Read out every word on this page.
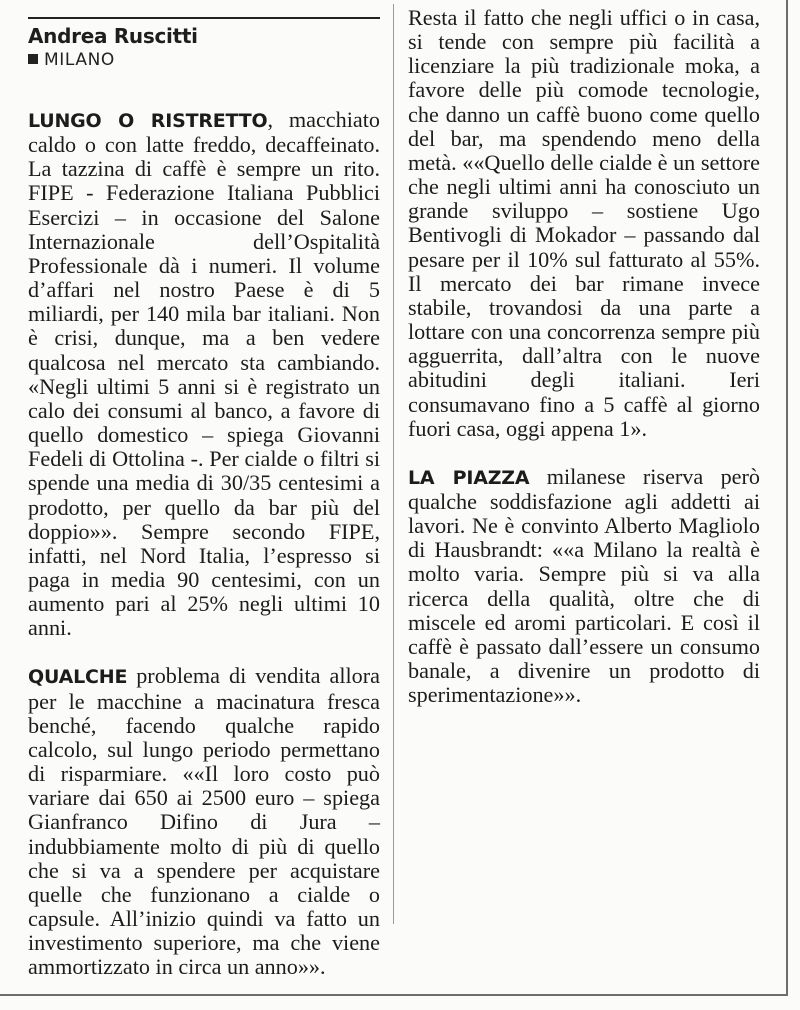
Andrea Ruscitti
MILANO

LUNGO O RISTRETTO, macchiato caldo o con latte freddo, decaffeinato. La tazzina di caffè è sempre un rito. FIPE - Federazione Italiana Pubblici Esercizi – in occasione del Salone Internazionale dell’Ospitalità Professionale dà i numeri. Il volume d’affari nel nostro Paese è di 5 miliardi, per 140 mila bar italiani. Non è crisi, dunque, ma a ben vedere qualcosa nel mercato sta cambiando. «Negli ultimi 5 anni si è registrato un calo dei consumi al banco, a favore di quello domestico – spiega Giovanni Fedeli di Ottolina -. Per cialde o filtri si spende una media di 30/35 centesimi a prodotto, per quello da bar più del doppio»». Sempre secondo FIPE, infatti, nel Nord Italia, l’espresso si paga in media 90 centesimi, con un aumento pari al 25% negli ultimi 10 anni.

QUALCHE problema di vendita allora per le macchine a macinatura fresca benché, facendo qualche rapido calcolo, sul lungo periodo permettano di risparmiare. ««Il loro costo può variare dai 650 ai 2500 euro – spiega Gianfranco Difino di Jura – indubbiamente molto di più di quello che si va a spendere per acquistare quelle che funzionano a cialde o capsule. All’inizio quindi va fatto un investimento superiore, ma che viene ammortizzato in circa un anno»».

Resta il fatto che negli uffici o in casa, si tende con sempre più facilità a licenziare la più tradizionale moka, a favore delle più comode tecnologie, che danno un caffè buono come quello del bar, ma spendendo meno della metà. ««Quello delle cialde è un settore che negli ultimi anni ha conosciuto un grande sviluppo – sostiene Ugo Bentivogli di Mokador – passando dal pesare per il 10% sul fatturato al 55%. Il mercato dei bar rimane invece stabile, trovandosi da una parte a lottare con una concorrenza sempre più agguerrita, dall’altra con le nuove abitudini degli italiani. Ieri consumavano fino a 5 caffè al giorno fuori casa, oggi appena 1».

LA PIAZZA milanese riserva però qualche soddisfazione agli addetti ai lavori. Ne è convinto Alberto Magliolo di Hausbrandt: ««a Milano la realtà è molto varia. Sempre più si va alla ricerca della qualità, oltre che di miscele ed aromi particolari. E così il caffè è passato dall’essere un consumo banale, a divenire un prodotto di sperimentazione»».
